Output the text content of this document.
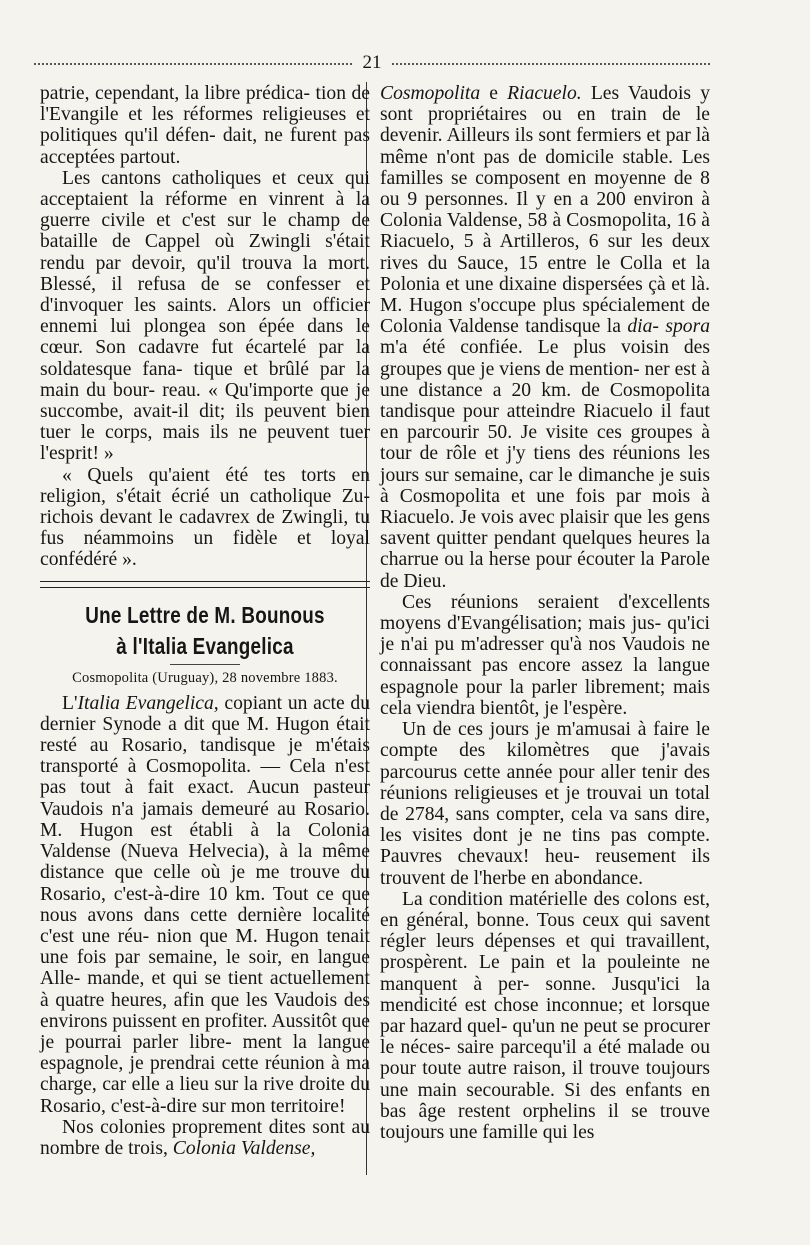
21

patrie, cependant, la libre prédica- tion de l'Evangile et les réformes religieuses et politiques qu'il défen- dait, ne furent pas acceptées partout.

Les cantons catholiques et ceux qui acceptaient la réforme en vinrent à la guerre civile et c'est sur le champ de bataille de Cappel où Zwingli s'était rendu par devoir, qu'il trouva la mort. Blessé, il refusa de se confesser et d'invoquer les saints. Alors un officier ennemi lui plongea son épée dans le cœur. Son cadavre fut écartelé par la soldatesque fana- tique et brûlé par la main du bour- reau. « Qu'importe que je succombe, avait-il dit; ils peuvent bien tuer le corps, mais ils ne peuvent tuer l'esprit! »

« Quels qu'aient été tes torts en religion, s'était écrié un catholique Zu- richois devant le cadavrex de Zwingli, tu fus néammoins un fidèle et loyal confédéré ».

Une Lettre de M. Bounous
à l'Italia Evangelica
Cosmopolita (Uruguay), 28 novembre 1883.

L'Italia Evangelica, copiant un acte du dernier Synode a dit que M. Hugon était resté au Rosario, tandisque je m'étais transporté à Cosmopolita. — Cela n'est pas tout à fait exact. Aucun pasteur Vaudois n'a jamais demeuré au Rosario. M. Hugon est établi à la Colonia Valdense (Nueva Helvecia), à la même distance que celle où je me trouve du Rosario, c'est-à-dire 10 km. Tout ce que nous avons dans cette dernière localité c'est une réu- nion que M. Hugon tenait une fois par semaine, le soir, en langue Alle- mande, et qui se tient actuellement à quatre heures, afin que les Vaudois des environs puissent en profiter. Aussitôt que je pourrai parler libre- ment la langue espagnole, je prendrai cette réunion à ma charge, car elle a lieu sur la rive droite du Rosario, c'est-à-dire sur mon territoire!

Nos colonies proprement dites sont au nombre de trois, Colonia Valdense,

Cosmopolita e Riacuelo. Les Vaudois y sont propriétaires ou en train de le devenir. Ailleurs ils sont fermiers et par là même n'ont pas de domicile stable. Les familles se composent en moyenne de 8 ou 9 personnes. Il y en a 200 environ à Colonia Valdense, 58 à Cosmopolita, 16 à Riacuelo, 5 à Artilleros, 6 sur les deux rives du Sauce, 15 entre le Colla et la Polonia et une dixaine dispersées çà et là. M. Hugon s'occupe plus spécialement de Colonia Valdense tandisque la dia- spora m'a été confiée. Le plus voisin des groupes que je viens de mention- ner est à une distance a 20 km. de Cosmopolita tandisque pour atteindre Riacuelo il faut en parcourir 50. Je visite ces groupes à tour de rôle et j'y tiens des réunions les jours sur semaine, car le dimanche je suis à Cosmopolita et une fois par mois à Riacuelo. Je vois avec plaisir que les gens savent quitter pendant quelques heures la charrue ou la herse pour écouter la Parole de Dieu.

Ces réunions seraient d'excellents moyens d'Evangélisation; mais jus- qu'ici je n'ai pu m'adresser qu'à nos Vaudois ne connaissant pas encore assez la langue espagnole pour la parler librement; mais cela viendra bientôt, je l'espère.

Un de ces jours je m'amusai à faire le compte des kilomètres que j'avais parcourus cette année pour aller tenir des réunions religieuses et je trouvai un total de 2784, sans compter, cela va sans dire, les visites dont je ne tins pas compte. Pauvres chevaux! heu- reusement ils trouvent de l'herbe en abondance.

La condition matérielle des colons est, en général, bonne. Tous ceux qui savent régler leurs dépenses et qui travaillent, prospèrent. Le pain et la pouleinte ne manquent à per- sonne. Jusqu'ici la mendicité est chose inconnue; et lorsque par hazard quel- qu'un ne peut se procurer le néces- saire parcequ'il a été malade ou pour toute autre raison, il trouve toujours une main secourable. Si des enfants en bas âge restent orphelins il se trouve toujours une famille qui les
